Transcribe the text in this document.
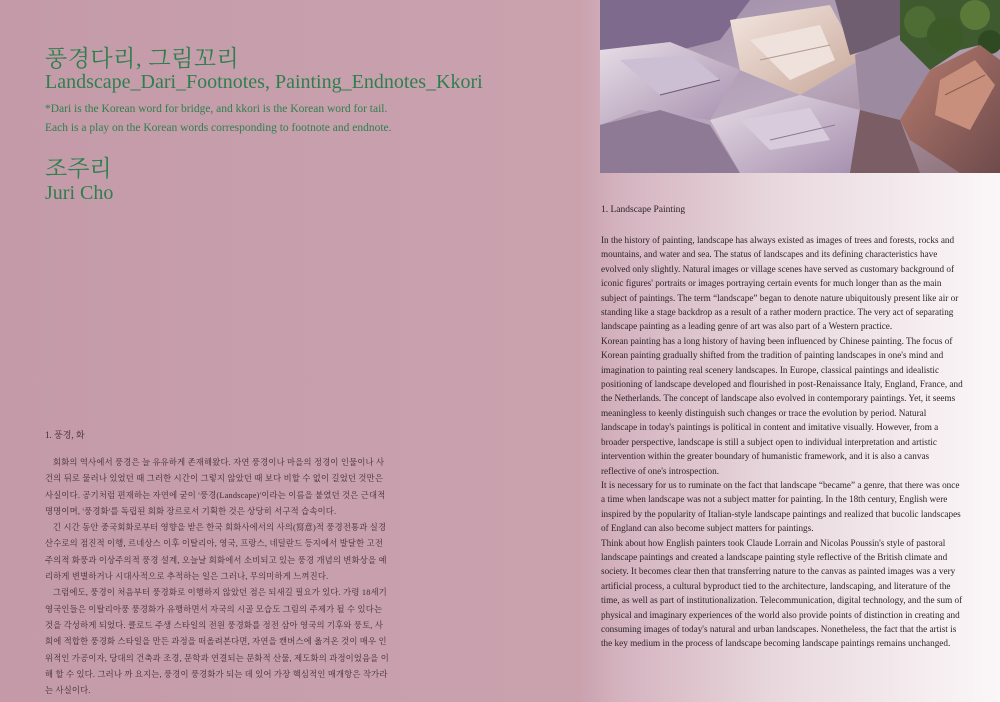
풍경다리, 그림꼬리
Landscape_Dari_Footnotes, Painting_Endnotes_Kkori
*Dari is the Korean word for bridge, and kkori is the Korean word for tail.
Each is a play on the Korean words corresponding to footnote and endnote.
조주리
Juri Cho
1. 풍경, 화

회화의 역사에서 풍경은 늘 유유하게 존재해왔다. 자연 풍경이나 마을의 정경이 인물이나 사건의 뒤로 물러나 있었던 때 그러한 시간이 그렇지 않았던 때 보다 비할 수 없이 길었던 것만은 사실이다. 공기처럼 편재하는 자연에 굳이 '풍경(Landscape)'이라는 이름을 붙였던 것은 근대적 명명이며, '풍경화'를 독립된 회화 장르로서 기획한 것은 상당히 서구적 습속이다.

긴 시간 동안 중국회화로부터 영향을 받은 한국 회화사에서의 사의(寫意)적 풍경전통과 실경 산수로의 점진적 이행, 르네상스 이후 이탈리아, 영국, 프랑스, 네덜란드 등지에서 발달한 고전주의적 화풍과 이상주의적 풍경 설계, 오늘날 회화에서 소비되고 있는 풍경 개념의 변화상을 예리하게 변별하거나 시대사적으로 추적하는 일은 그러나, 무의미하게 느껴진다.

그럼에도, 풍경이 처음부터 풍경화로 이행하지 않았던 점은 되새길 필요가 있다. 가령 18세기 영국인들은 이탈리아풍 풍경화가 유행하면서 자국의 시골 모습도 그림의 주제가 될 수 있다는 것을 각성하게 되었다. 클로드 주생 스타일의 전원 풍경화를 정전 삼아 영국의 기후와 풍토, 사회에 적합한 풍경화 스타일을 만든 과정을 떠올려본다면, 자연을 캔버스에 옮겨온 것이 매우 인위적인 가공이자, 당대의 건축과 조경, 문학과 연결되는 문화적 산물, 제도화의 과정이었음을 이해 할 수 있다. 그러나 까 요지는, 풍경이 풍경화가 되는 데 있어 가장 핵심적인 매개항은 작가라는 사실이다.

1. Landscape Painting

In the history of painting, landscape has always existed as images of trees and forests, rocks and mountains, and water and sea. The status of landscapes and its defining characteristics have evolved only slightly. Natural images or village scenes have served as customary background of iconic figures' portraits or images portraying certain events for much longer than as the main subject of paintings. The term “landscape” began to denote nature ubiquitously present like air or standing like a stage backdrop as a result of a rather modern practice. The very act of separating landscape painting as a leading genre of art was also part of a Western practice.

Korean painting has a long history of having been influenced by Chinese painting. The focus of Korean painting gradually shifted from the tradition of painting landscapes in one's mind and imagination to painting real scenery landscapes. In Europe, classical paintings and idealistic positioning of landscape developed and flourished in post-Renaissance Italy, England, France, and the Netherlands. The concept of landscape also evolved in contemporary paintings. Yet, it seems meaningless to keenly distinguish such changes or trace the evolution by period. Natural landscape in today's paintings is political in content and imitative visually. However, from a broader perspective, landscape is still a subject open to individual interpretation and artistic intervention within the greater boundary of humanistic framework, and it is also a canvas reflective of one's introspection.

It is necessary for us to ruminate on the fact that landscape “became” a genre, that there was once a time when landscape was not a subject matter for painting. In the 18th century, English were inspired by the popularity of Italian-style landscape paintings and realized that bucolic landscapes of England can also become subject matters for paintings.

Think about how English painters took Claude Lorrain and Nicolas Poussin's style of pastoral landscape paintings and created a landscape painting style reflective of the British climate and society. It becomes clear then that transferring nature to the canvas as painted images was a very artificial process, a cultural byproduct tied to the architecture, landscaping, and literature of the time, as well as part of institutionalization. Telecommunication, digital technology, and the sum of physical and imaginary experiences of the world also provide points of distinction in creating and consuming images of today's natural and urban landscapes. Nonetheless, the fact that the artist is the key medium in the process of landscape becoming landscape paintings remains unchanged.
